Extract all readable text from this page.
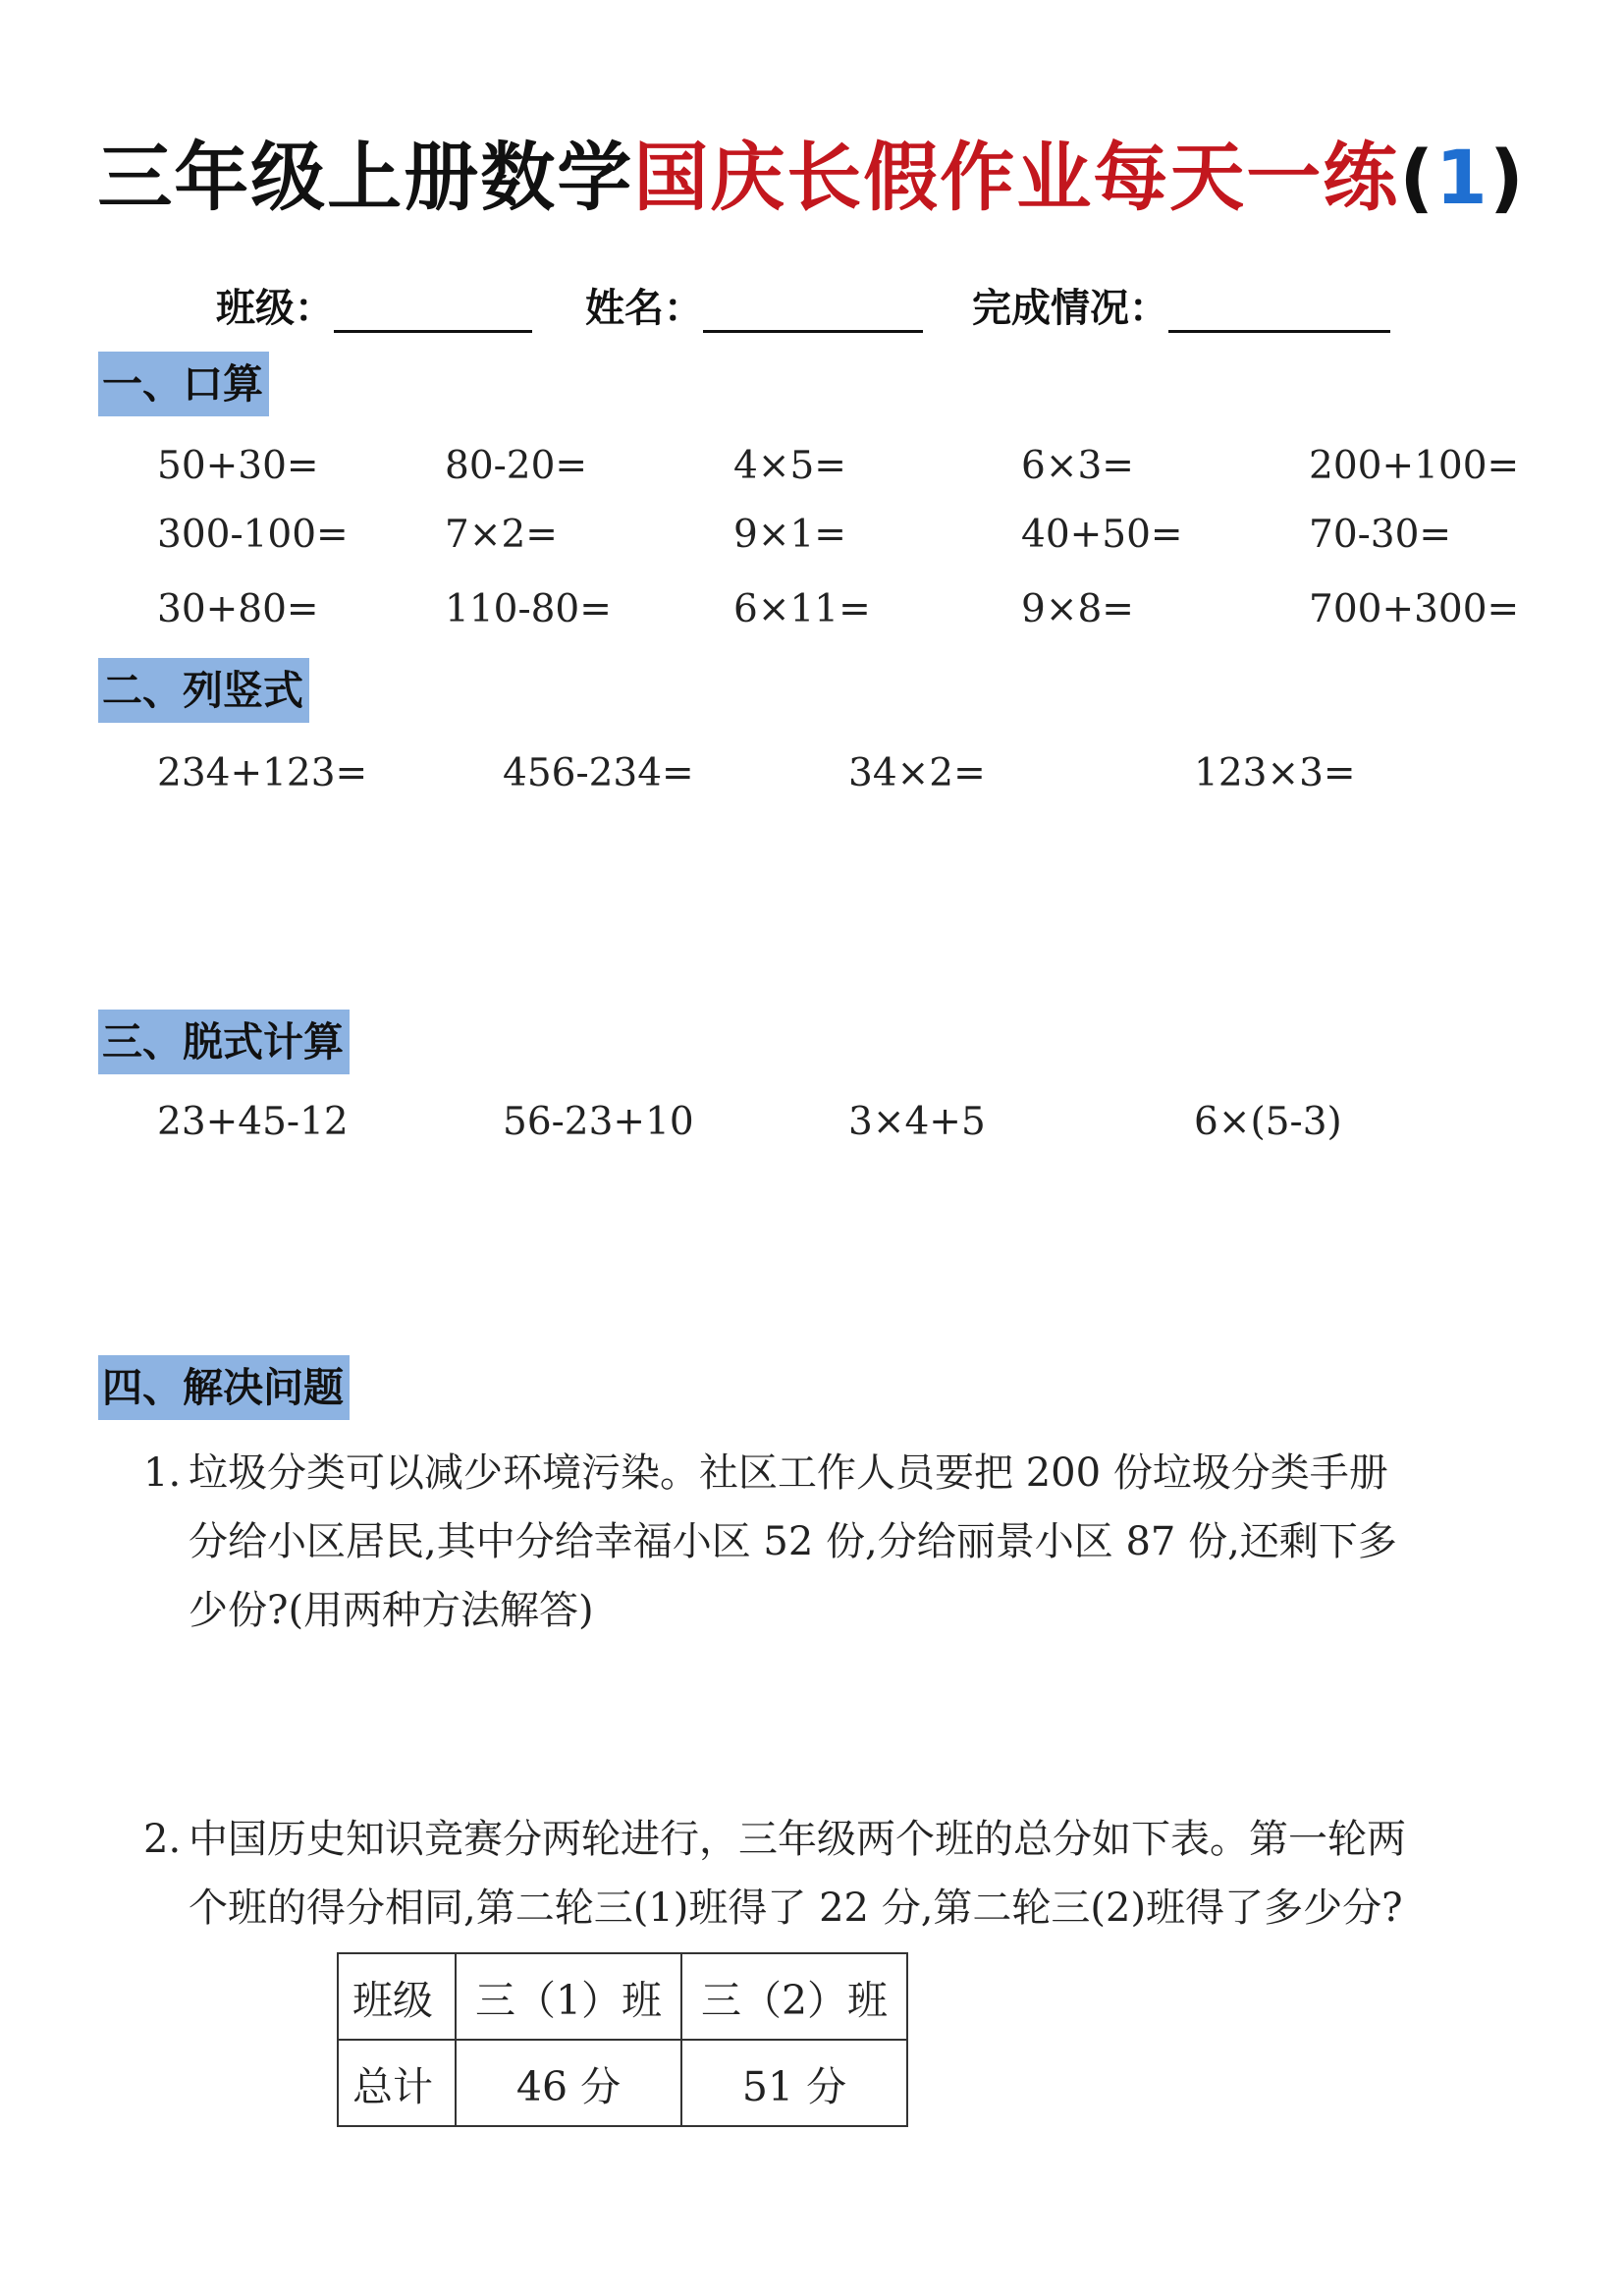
三年级上册数学国庆长假作业每天一练(1)
班级：	姓名：	完成情况：
一、口算
50+30=	80-20=	4×5=	6×3=	200+100=
300-100=	7×2=	9×1=	40+50=	70-30=
30+80=	110-80=	6×11=	9×8=	700+300=
二、列竖式
234+123=	456-234=	34×2=	123×3=
三、脱式计算
23+45-12	56-23+10	3×4+5	6×(5-3)
四、解决问题
1. 垃圾分类可以减少环境污染。社区工作人员要把 200 份垃圾分类手册
分给小区居民,其中分给幸福小区 52 份,分给丽景小区 87 份,还剩下多
少份?(用两种方法解答)
2. 中国历史知识竞赛分两轮进行，三年级两个班的总分如下表。第一轮两
个班的得分相同,第二轮三(1)班得了 22 分,第二轮三(2)班得了多少分?
班级	三（1）班	三（2）班
总计	46 分	51 分
